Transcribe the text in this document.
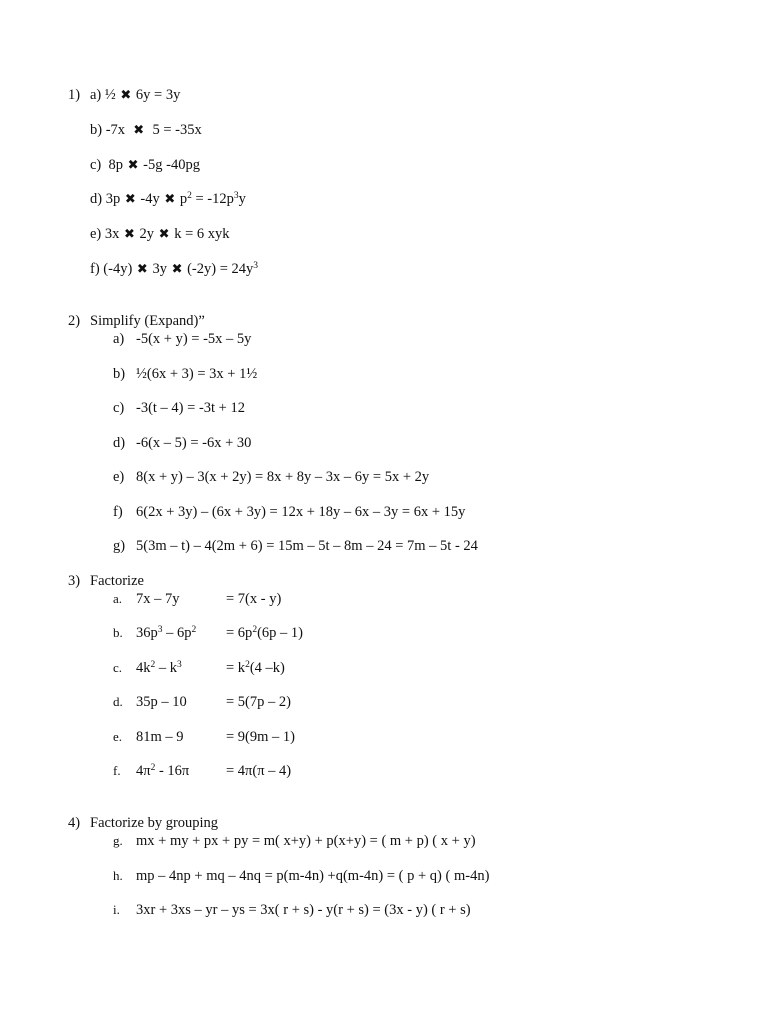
1) a) ½ ✖ 6y = 3y
b) -7x  ✖  5 = -35x
c)  8p ✖ -5g -40pg
d) 3p ✖ -4y ✖ $p^2 = -12p^3y$
e) 3x ✖ 2y ✖ k = 6 xyk
f) (-4y) ✖ 3y ✖ $(-2y) = 24y^3$
2) Simplify (Expand)”
a) -5(x + y) = -5x – 5y
b) ½(6x + 3) = 3x + 1½
c) -3(t – 4) = -3t + 12
d) -6(x – 5) = -6x + 30
e) 8(x + y) – 3(x + 2y) = 8x + 8y – 3x – 6y = 5x + 2y
f) 6(2x + 3y) – (6x + 3y) = 12x + 18y – 6x – 3y = 6x + 15y
g) 5(3m – t) – 4(2m + 6) = 15m – 5t – 8m – 24 = 7m – 5t - 24
3) Factorize
a. 7x – 7y	= 7(x - y)
b. $36p^3 - 6p^2 = 6p^2(6p - 1)$
c. $4k^2 - k^3$	= $k^2(4$ –k)
d. 35p – 10	= 5(7p – 2)
e. 81m – 9	= 9(9m – 1)
f. $4\pi^2 - 16\pi$	= 4π(π – 4)
4) Factorize by grouping
g. mx + my + px + py = m( x+y) + p(x+y) = ( m + p) ( x + y)
h. mp – 4np + mq – 4nq = p(m-4n) +q(m-4n) = ( p + q) ( m-4n)
i. 3xr + 3xs – yr – ys = 3x( r + s) - y(r + s) = (3x - y) ( r + s)
